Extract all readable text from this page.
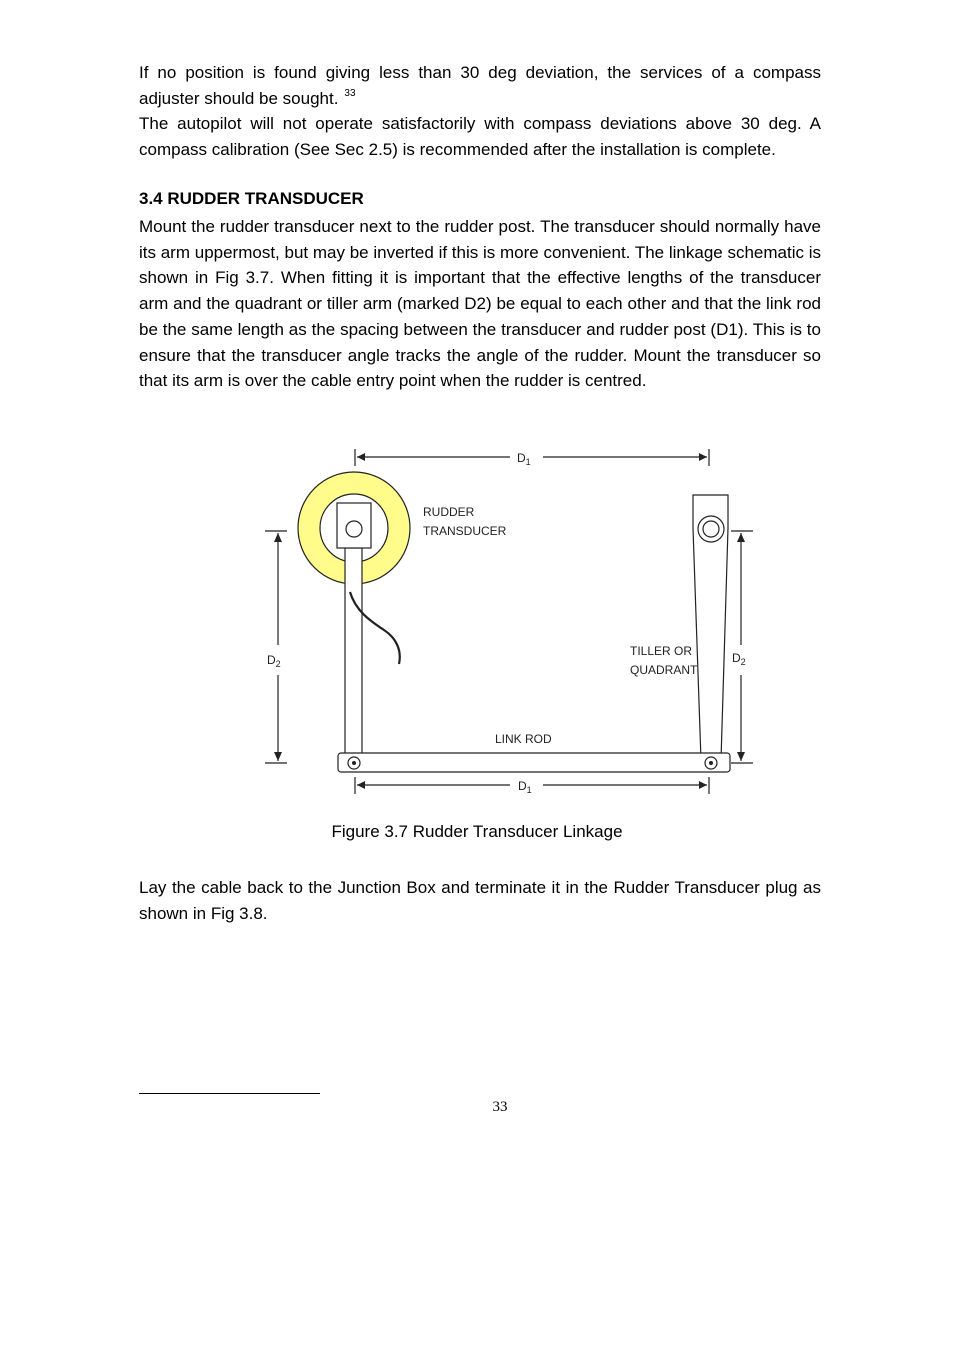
If no position is found giving less than 30 deg deviation, the services of a compass adjuster should be sought. $^{33}$

The autopilot will not operate satisfactorily with compass deviations above 30 deg. A compass calibration (See Sec 2.5) is recommended after the installation is complete.

3.4 RUDDER TRANSDUCER

Mount the rudder transducer next to the rudder post. The transducer should normally have its arm uppermost, but may be inverted if this is more convenient. The linkage schematic is shown in Fig 3.7. When fitting it is important that the effective lengths of the transducer arm and the quadrant or tiller arm (marked D2) be equal to each other and that the link rod be the same length as the spacing between the transducer and rudder post (D1). This is to ensure that the transducer angle tracks the angle of the rudder. Mount the transducer so that its arm is over the cable entry point when the rudder is centred.

$D_1$
RUDDER
TRANSDUCER
$D_2$
TILLER OR
QUADRANT
$D_2$
LINK ROD
$D_1$

Figure 3.7 Rudder Transducer Linkage

Lay the cable back to the Junction Box and terminate it in the Rudder Transducer plug as shown in Fig 3.8.

33
